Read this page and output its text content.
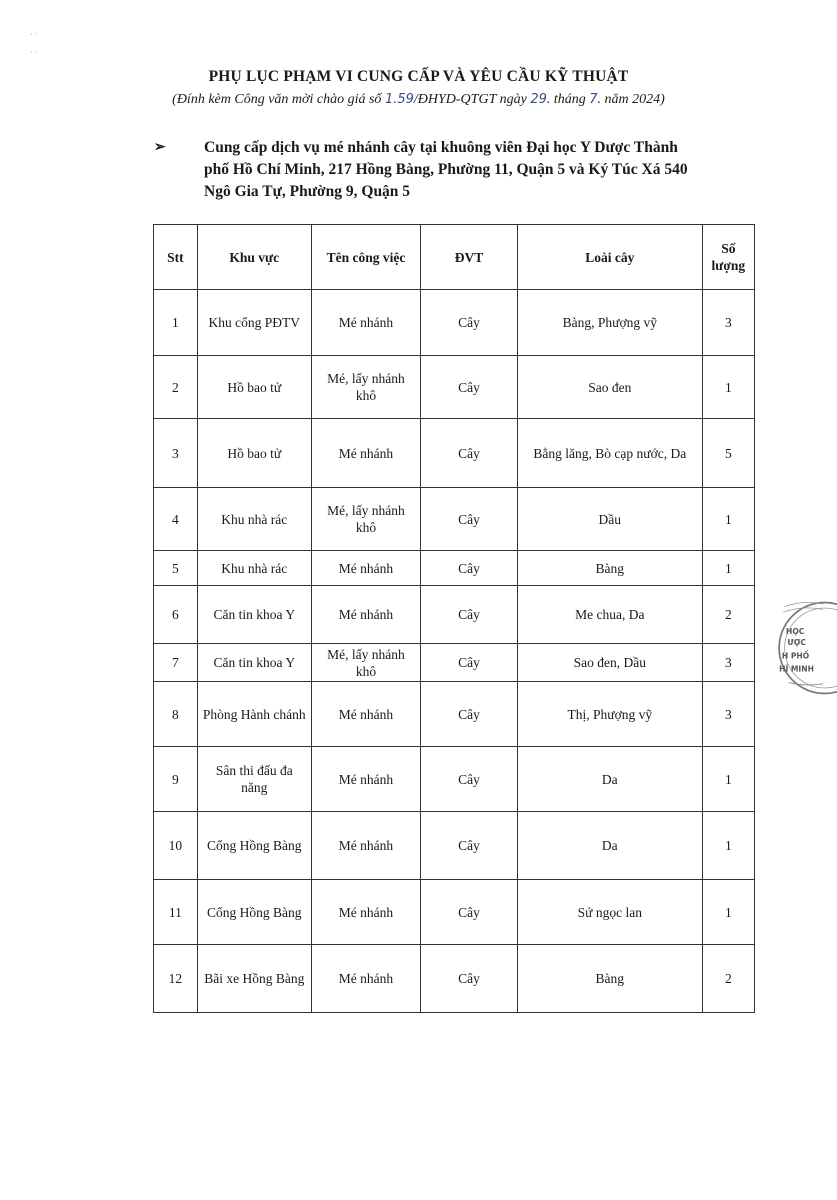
· ·

· ·
PHỤ LỤC PHẠM VI CUNG CẤP VÀ YÊU CẦU KỸ THUẬT
(Đính kèm Công văn mời chào giá số 1.59/ĐHYD-QTGT ngày 29. tháng 7. năm 2024)
➢	Cung cấp dịch vụ mé nhánh cây tại khuông viên Đại học Y Dược Thành
phố Hồ Chí Minh, 217 Hồng Bàng, Phường 11, Quận 5 và Ký Túc Xá 540
Ngô Gia Tự, Phường 9, Quận 5
Stt	Khu vực	Tên công việc	ĐVT	Loài cây	Số
lượng
1	Khu cổng PĐTV	Mé nhánh	Cây	Bàng, Phượng vỹ	3
2	Hồ bao tử	Mé, lấy nhánh khô	Cây	Sao đen	1
3	Hồ bao tử	Mé nhánh	Cây	Bằng lăng, Bò cạp nước, Da	5
4	Khu nhà rác	Mé, lấy nhánh khô	Cây	Dầu	1
5	Khu nhà rác	Mé nhánh	Cây	Bàng	1
6	Căn tin khoa Y	Mé nhánh	Cây	Me chua, Da	2
7	Căn tin khoa Y	Mé, lấy nhánh khô	Cây	Sao đen, Dầu	3
8	Phòng Hành chánh	Mé nhánh	Cây	Thị, Phượng vỹ	3
9	Sân thi đấu đa năng	Mé nhánh	Cây	Da	1
10	Cổng Hồng Bàng	Mé nhánh	Cây	Da	1
11	Cổng Hồng Bàng	Mé nhánh	Cây	Sứ ngọc lan	1
12	Bãi xe Hồng Bàng	Mé nhánh	Cây	Bàng	2
HỌC
ƯỢC
H PHỐ
HÍ MINH
